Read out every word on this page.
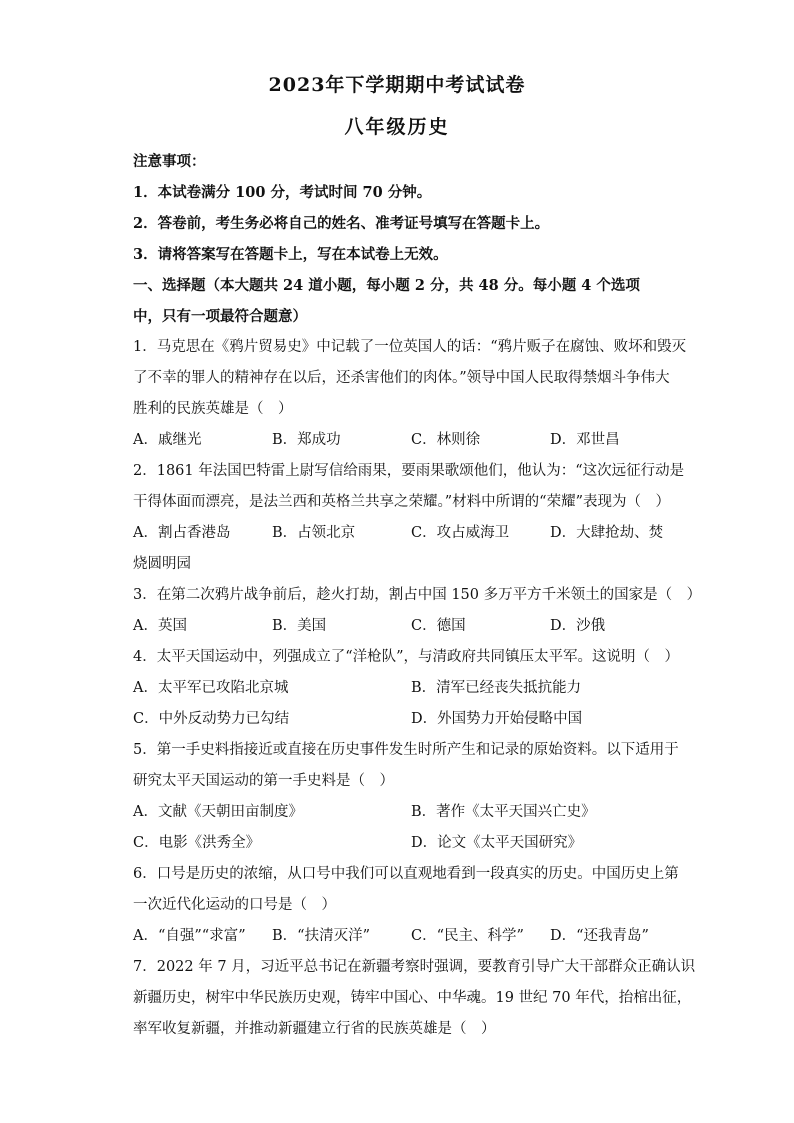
2023年下学期期中考试试卷
八年级历史
注意事项：
1．本试卷满分 100 分，考试时间 70 分钟。
2．答卷前，考生务必将自己的姓名、准考证号填写在答题卡上。
3．请将答案写在答题卡上，写在本试卷上无效。
一、选择题（本大题共 24 道小题，每小题 2 分，共 48 分。每小题 4 个选项
中，只有一项最符合题意）
1．马克思在《鸦片贸易史》中记载了一位英国人的话：“鸦片贩子在腐蚀、败坏和毁灭
了不幸的罪人的精神存在以后，还杀害他们的肉体。”领导中国人民取得禁烟斗争伟大
胜利的民族英雄是（　）
A．戚继光	B．郑成功	C．林则徐	D．邓世昌
2．1861 年法国巴特雷上尉写信给雨果，要雨果歌颂他们，他认为：“这次远征行动是
干得体面而漂亮，是法兰西和英格兰共享之荣耀。”材料中所谓的“荣耀”表现为（　）
A．割占香港岛	B．占领北京	C．攻占威海卫	D．大肆抢劫、焚
烧圆明园
3．在第二次鸦片战争前后，趁火打劫，割占中国 150 多万平方千米领土的国家是（　）
A．英国	B．美国	C．德国	D．沙俄
4．太平天国运动中，列强成立了“洋枪队”，与清政府共同镇压太平军。这说明（　）
A．太平军已攻陷北京城	B．清军已经丧失抵抗能力
C．中外反动势力已勾结	D．外国势力开始侵略中国
5．第一手史料指接近或直接在历史事件发生时所产生和记录的原始资料。以下适用于
研究太平天国运动的第一手史料是（　）
A．文献《天朝田亩制度》	B．著作《太平天国兴亡史》
C．电影《洪秀全》	D．论文《太平天国研究》
6．口号是历史的浓缩，从口号中我们可以直观地看到一段真实的历史。中国历史上第
一次近代化运动的口号是（　）
A．“自强”“求富”	B．“扶清灭洋”	C．“民主、科学”	D．“还我青岛”
7．2022 年 7 月，习近平总书记在新疆考察时强调，要教育引导广大干部群众正确认识
新疆历史，树牢中华民族历史观，铸牢中国心、中华魂。19 世纪 70 年代，抬棺出征，
率军收复新疆，并推动新疆建立行省的民族英雄是（　）
